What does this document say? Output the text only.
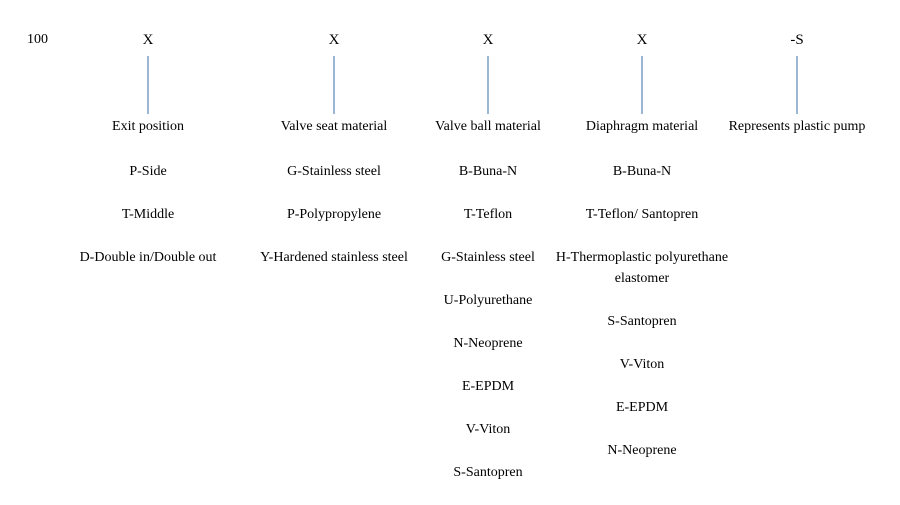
100	X
Exit position
P-Side
T-Middle
D-Double in/Double out
X
Valve seat material
G-Stainless steel
P-Polypropylene
Y-Hardened stainless steel
X
Valve ball material
B-Buna-N
T-Teflon
G-Stainless steel
U-Polyurethane
N-Neoprene
E-EPDM
V-Viton
S-Santopren
X
Diaphragm material
B-Buna-N
T-Teflon/ Santopren
H-Thermoplastic polyurethane elastomer
S-Santopren
V-Viton
E-EPDM
N-Neoprene
-S
Represents plastic pump
